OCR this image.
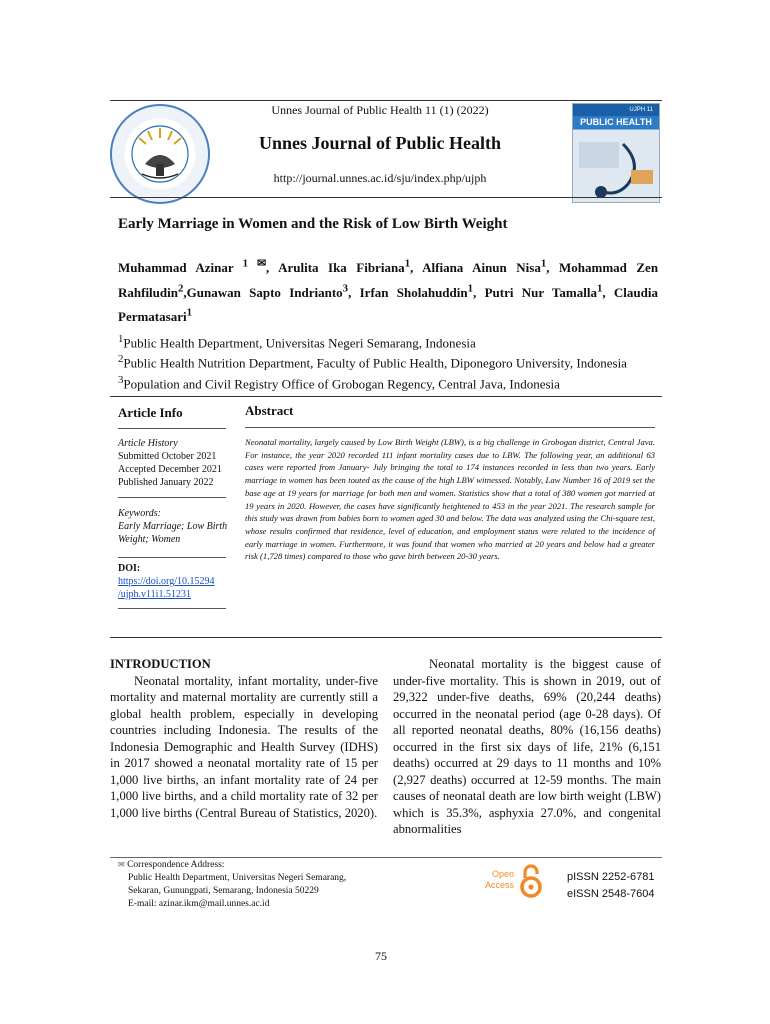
Unnes Journal of Public Health 11 (1) (2022)
Unnes Journal of Public Health
http://journal.unnes.ac.id/sju/index.php/ujph
UJPH 11
PUBLIC HEALTH
Early Marriage in Women and the Risk of Low Birth Weight
Muhammad Azinar $^{1 ✉}$, Arulita Ika Fibriana$^1$, Alfiana Ainun Nisa$^1$, Mohammad Zen Rahfiludin$^2$,Gunawan Sapto Indrianto$^3$, Irfan Sholahuddin$^1$, Putri Nur Tamalla$^1$, Claudia Permatasari$^1$
$^1$Public Health Department, Universitas Negeri Semarang, Indonesia
$^2$Public Health Nutrition Department, Faculty of Public Health, Diponegoro University, Indonesia
$^3$Population and Civil Registry Office of Grobogan Regency, Central Java, Indonesia
Article Info
Article History
Submitted October 2021
Accepted December 2021
Published January 2022
Keywords:
Early Marriage; Low Birth Weight; Women
DOI:
https://doi.org/10.15294
/ujph.v11i1.51231
Abstract
Neonatal mortality, largely caused by Low Birth Weight (LBW), is a big challenge in Grobogan district, Central Java. For instance, the year 2020 recorded 111 infant mortality cases due to LBW. The following year, an additional 63 cases were reported from January- July bringing the total to 174 instances recorded in less than two years. Early marriage in women has been touted as the cause of the high LBW witnessed. Notably, Law Number 16 of 2019 set the base age at 19 years for marriage for both men and women. Statistics show that a total of 380 women got married at 19 years in 2020. However, the cases have significantly heightened to 453 in the year 2021. The research sample for this study was drawn from babies born to women aged 30 and below. The data was analyzed using the Chi-square test, whose results confirmed that residence, level of education, and employment status were related to the incidence of early marriage in women. Furthermore, it was found that women who married at 20 years and below had a greater risk (1,728 times) compared to those who gave birth between 20-30 years.
INTRODUCTION
Neonatal mortality, infant mortality, under-five mortality and maternal mortality are currently still a global health problem, especially in developing countries including Indonesia. The results of the Indonesia Demographic and Health Survey (IDHS) in 2017 showed a neonatal mortality rate of 15 per 1,000 live births, an infant mortality rate of 24 per 1,000 live births, and a child mortality rate of 32 per 1,000 live births (Central Bureau of Statistics, 2020).
Neonatal mortality is the biggest cause of under-five mortality. This is shown in 2019, out of 29,322 under-five deaths, 69% (20,244 deaths) occurred in the neonatal period (age 0-28 days). Of all reported neonatal deaths, 80% (16,156 deaths) occurred in the first six days of life, 21% (6,151 deaths) occurred at 29 days to 11 months and 10% (2,927 deaths) occurred at 12-59 months. The main causes of neonatal death are low birth weight (LBW) which is 35.3%, asphyxia 27.0%, and congenital abnormalities
✉ Correspondence Address:
Public Health Department, Universitas Negeri Semarang,
Sekaran, Gunungpati, Semarang, Indonesia 50229
E-mail: azinar.ikm@mail.unnes.ac.id
Open
Access
pISSN 2252-6781
eISSN 2548-7604
75
